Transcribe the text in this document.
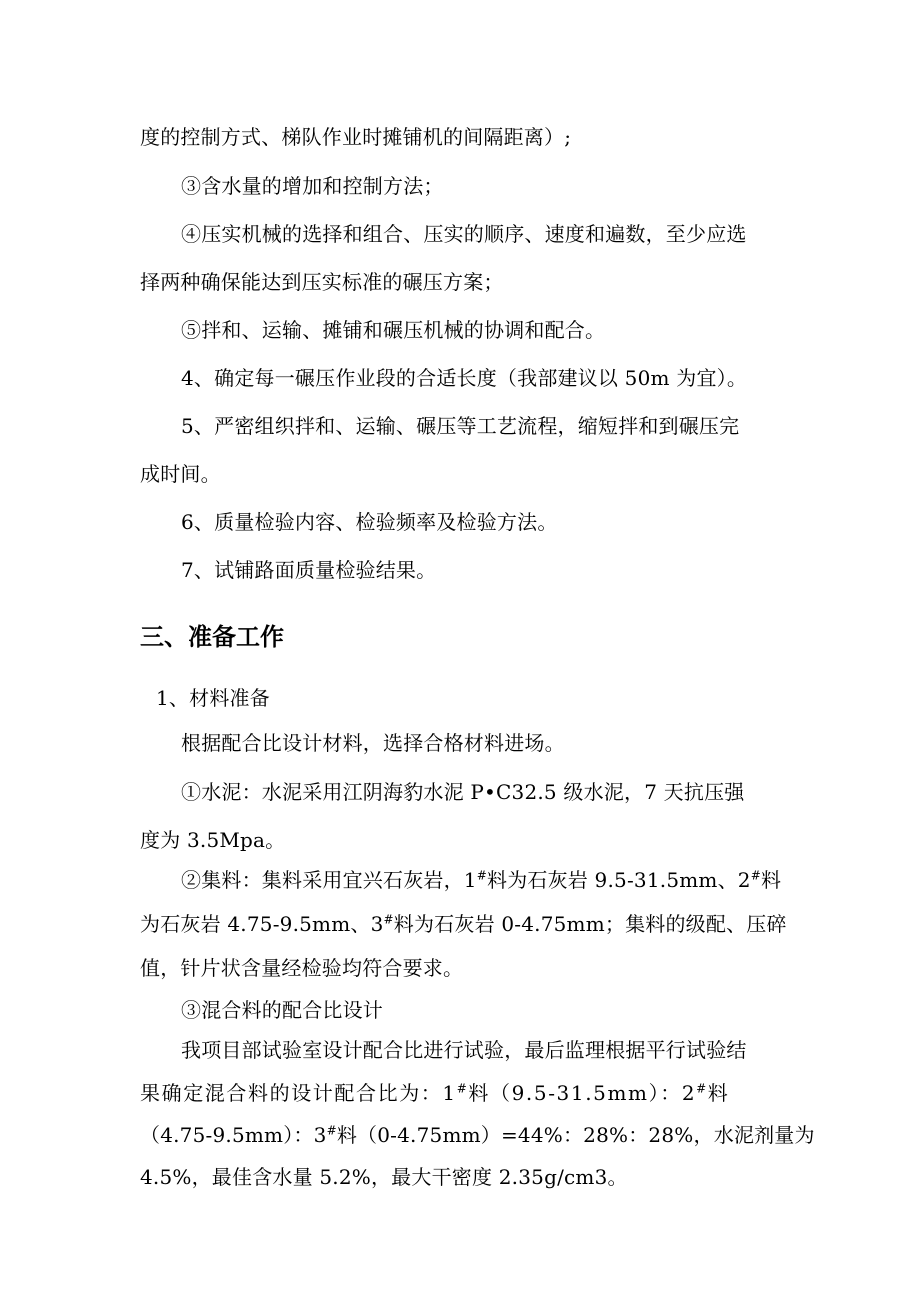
度的控制方式、梯队作业时摊铺机的间隔距离）;
③含水量的增加和控制方法；
④压实机械的选择和组合、压实的顺序、速度和遍数，至少应选
择两种确保能达到压实标准的碾压方案；
⑤拌和、运输、摊铺和碾压机械的协调和配合。
4、确定每一碾压作业段的合适长度（我部建议以 50m 为宜）。
5、严密组织拌和、运输、碾压等工艺流程，缩短拌和到碾压完
成时间。
6、质量检验内容、检验频率及检验方法。
7、试铺路面质量检验结果。
三、准备工作
1、材料准备
根据配合比设计材料，选择合格材料进场。
①水泥：水泥采用江阴海豹水泥 P•C32.5 级水泥，7 天抗压强
度为 3.5Mpa。
②集料：集料采用宜兴石灰岩，1#料为石灰岩 9.5-31.5mm、2#料
为石灰岩 4.75-9.5mm、3#料为石灰岩 0-4.75mm；集料的级配、压碎
值，针片状含量经检验均符合要求。
③混合料的配合比设计
我项目部试验室设计配合比进行试验，最后监理根据平行试验结
果确定混合料的设计配合比为：1#料（9.5-31.5mm）：2#料
（4.75-9.5mm）：3#料（0-4.75mm）=44%：28%：28%，水泥剂量为
4.5%，最佳含水量 5.2%，最大干密度 2.35g/cm3。
